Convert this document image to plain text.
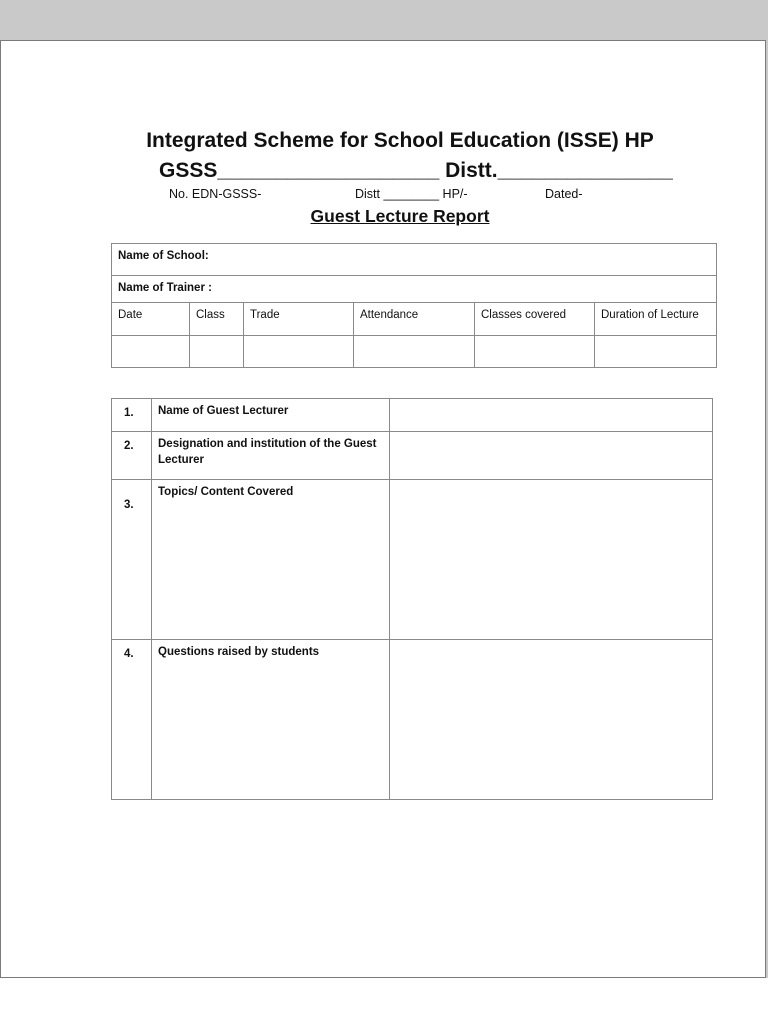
Integrated Scheme for School Education (ISSE) HP
GSSS___________________ Distt._______________
No. EDN-GSSS-	Distt ________ HP/-	Dated-
Guest Lecture Report
Name of School:					
Name of Trainer :					
Date	Class	Trade	Attendance	Classes covered	Duration of Lecture

1.	Name of Guest Lecturer	
2.	Designation and institution of the Guest Lecturer	
3.	Topics/ Content Covered	
4.	Questions raised by students	
